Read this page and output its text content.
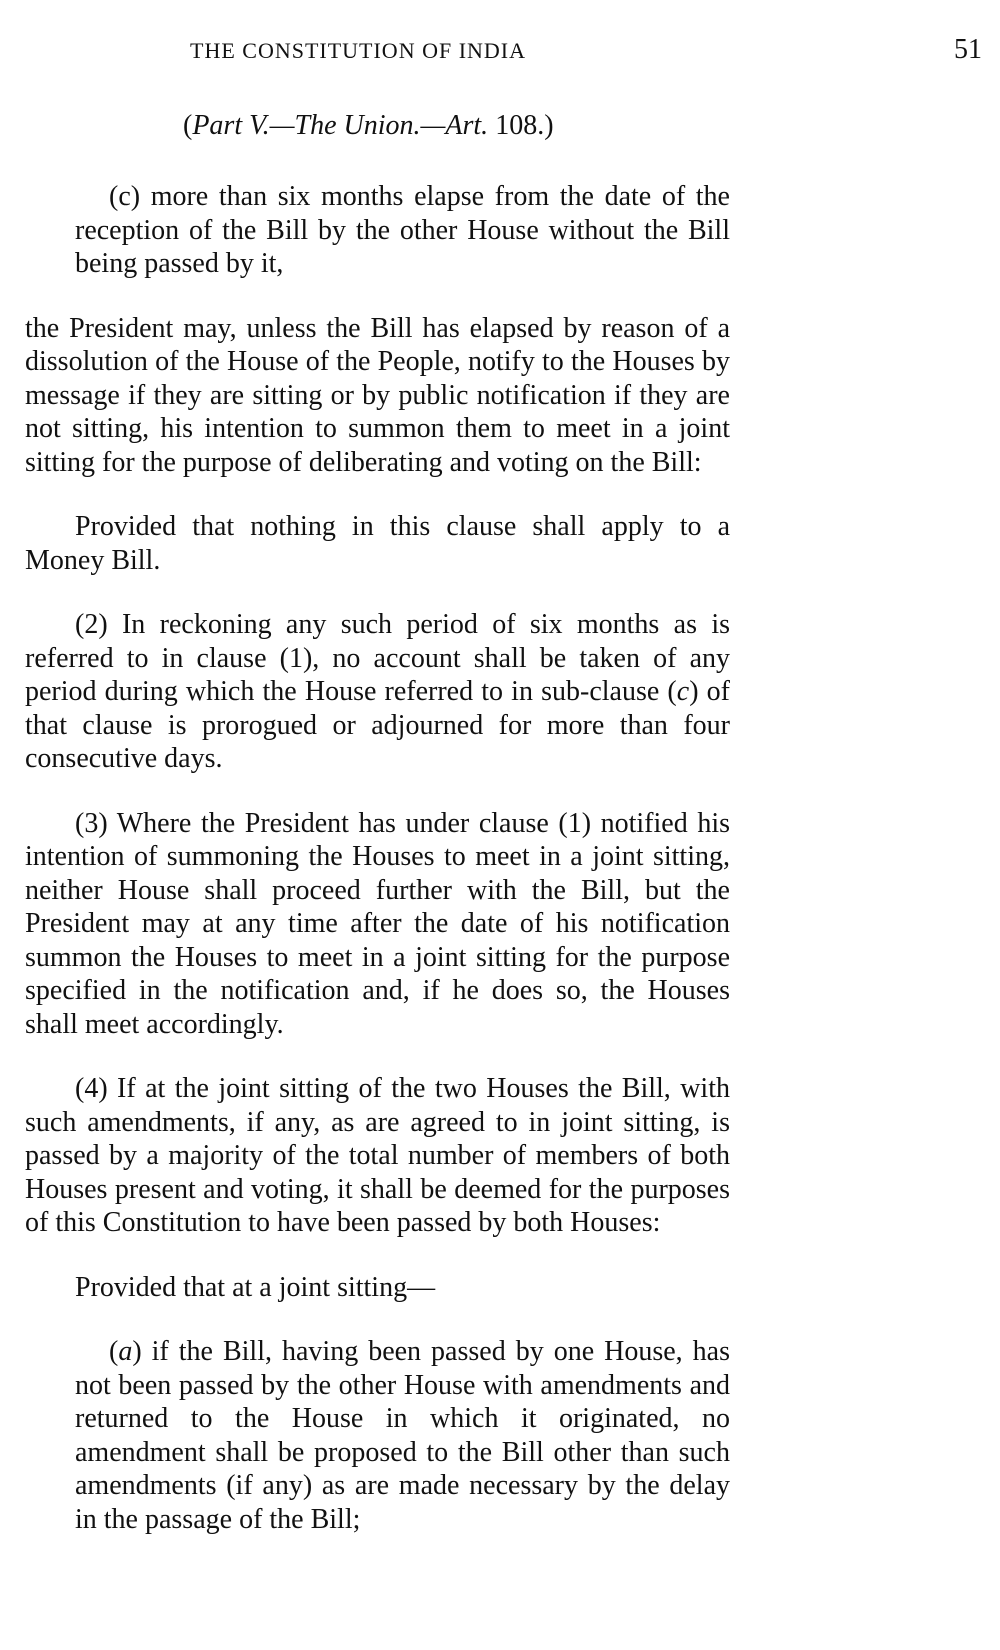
THE CONSTITUTION OF INDIA	51
(Part V.—The Union.—Art. 108.)

(c) more than six months elapse from the date of the reception of the Bill by the other House without the Bill being passed by it,

the President may, unless the Bill has elapsed by reason of a dissolution of the House of the People, notify to the Houses by message if they are sitting or by public notification if they are not sitting, his intention to summon them to meet in a joint sitting for the purpose of deliberating and voting on the Bill:

Provided that nothing in this clause shall apply to a Money Bill.

(2) In reckoning any such period of six months as is referred to in clause (1), no account shall be taken of any period during which the House referred to in sub-clause (c) of that clause is prorogued or adjourned for more than four consecutive days.

(3) Where the President has under clause (1) notified his intention of summoning the Houses to meet in a joint sitting, neither House shall proceed further with the Bill, but the President may at any time after the date of his notification summon the Houses to meet in a joint sitting for the purpose specified in the notification and, if he does so, the Houses shall meet accordingly.

(4) If at the joint sitting of the two Houses the Bill, with such amendments, if any, as are agreed to in joint sitting, is passed by a majority of the total number of members of both Houses present and voting, it shall be deemed for the purposes of this Constitution to have been passed by both Houses:

Provided that at a joint sitting—

(a) if the Bill, having been passed by one House, has not been passed by the other House with amendments and returned to the House in which it originated, no amendment shall be proposed to the Bill other than such amendments (if any) as are made necessary by the delay in the passage of the Bill;
